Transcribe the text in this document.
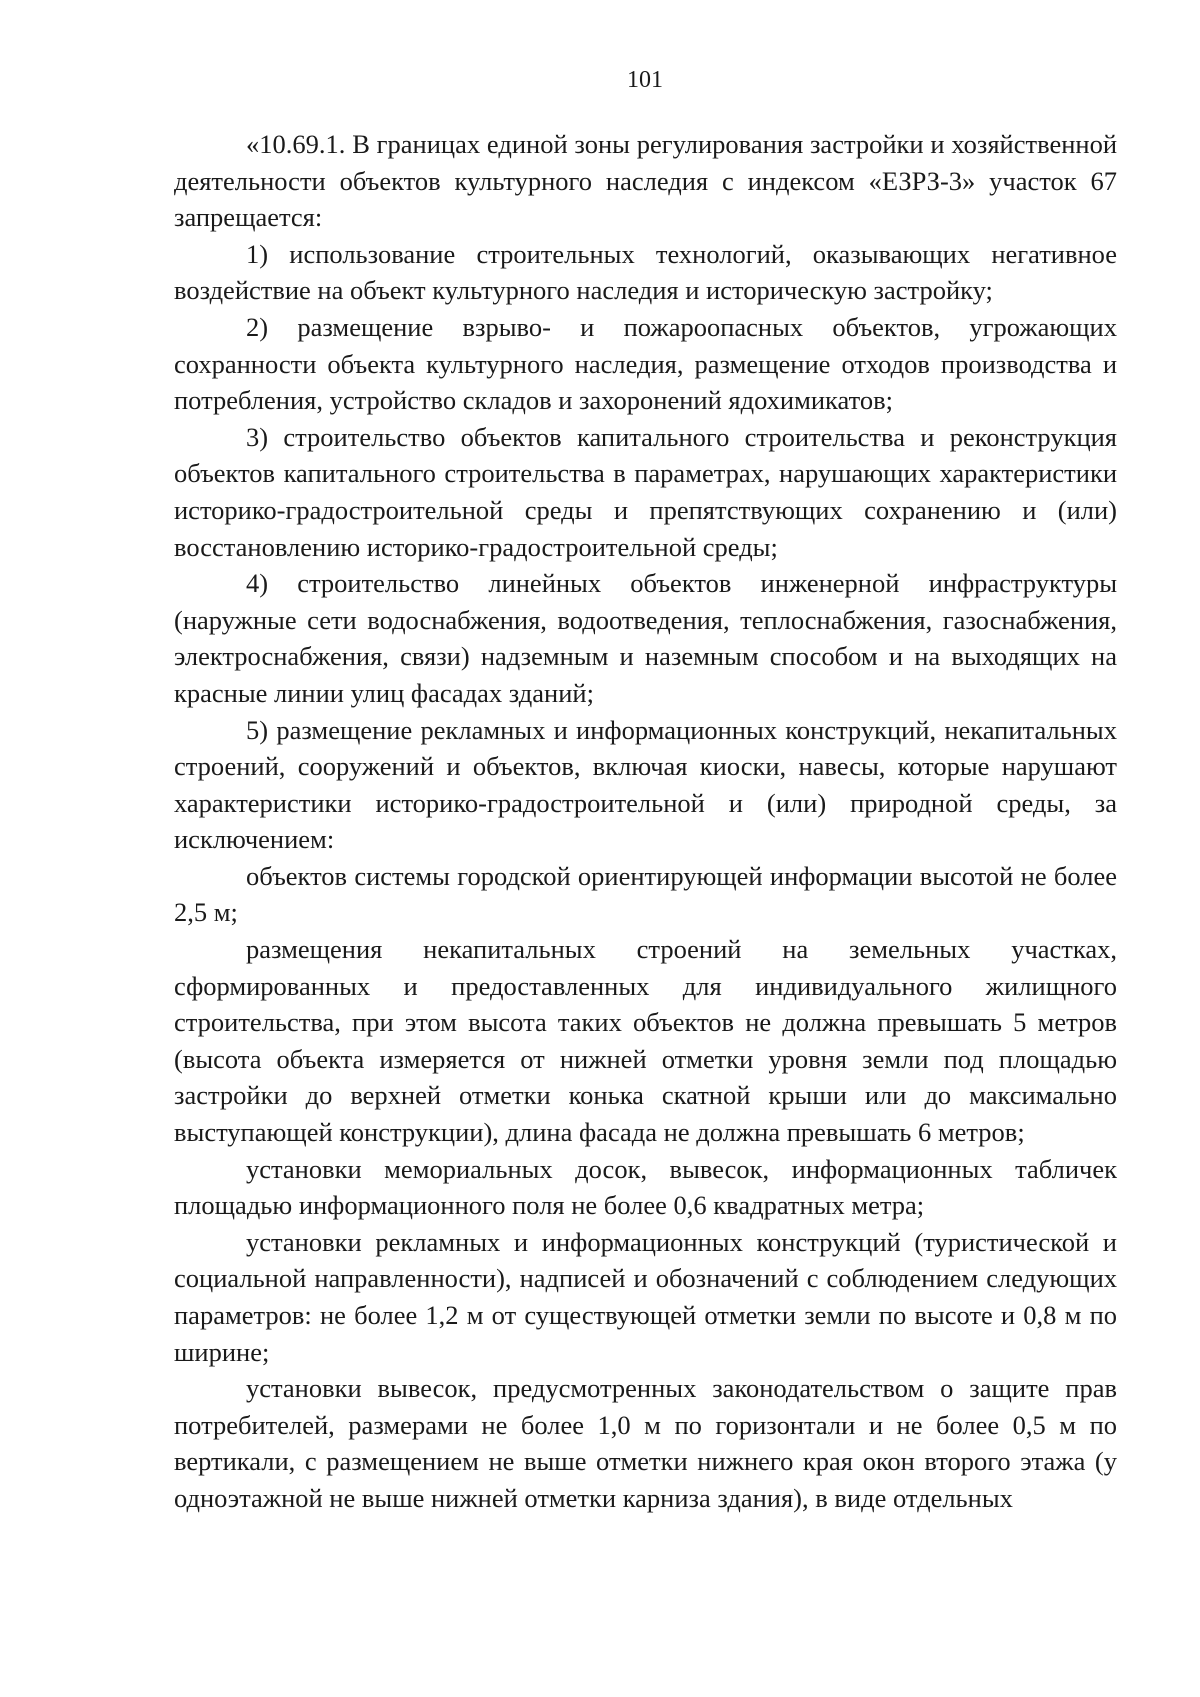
101

«10.69.1. В границах единой зоны регулирования застройки и хозяйственной деятельности объектов культурного наследия с индексом «ЕЗРЗ-3» участок 67 запрещается:

1) использование строительных технологий, оказывающих негативное воздействие на объект культурного наследия и историческую застройку;

2) размещение взрыво- и пожароопасных объектов, угрожающих сохранности объекта культурного наследия, размещение отходов производства и потребления, устройство складов и захоронений ядохимикатов;

3) строительство объектов капитального строительства и реконструкция объектов капитального строительства в параметрах, нарушающих характеристики историко-градостроительной среды и препятствующих сохранению и (или) восстановлению историко-градостроительной среды;

4) строительство линейных объектов инженерной инфраструктуры (наружные сети водоснабжения, водоотведения, теплоснабжения, газоснабжения, электроснабжения, связи) надземным и наземным способом и на выходящих на красные линии улиц фасадах зданий;

5) размещение рекламных и информационных конструкций, некапитальных строений, сооружений и объектов, включая киоски, навесы, которые нарушают характеристики историко-градостроительной и (или) природной среды, за исключением:

объектов системы городской ориентирующей информации высотой не более 2,5 м;

размещения некапитальных строений на земельных участках, сформированных и предоставленных для индивидуального жилищного строительства, при этом высота таких объектов не должна превышать 5 метров (высота объекта измеряется от нижней отметки уровня земли под площадью застройки до верхней отметки конька скатной крыши или до максимально выступающей конструкции), длина фасада не должна превышать 6 метров;

установки мемориальных досок, вывесок, информационных табличек площадью информационного поля не более 0,6 квадратных метра;

установки рекламных и информационных конструкций (туристической и социальной направленности), надписей и обозначений с соблюдением следующих параметров: не более 1,2 м от существующей отметки земли по высоте и 0,8 м по ширине;

установки вывесок, предусмотренных законодательством о защите прав потребителей, размерами не более 1,0 м по горизонтали и не более 0,5 м по вертикали, с размещением не выше отметки нижнего края окон второго этажа (у одноэтажной не выше нижней отметки карниза здания), в виде отдельных
